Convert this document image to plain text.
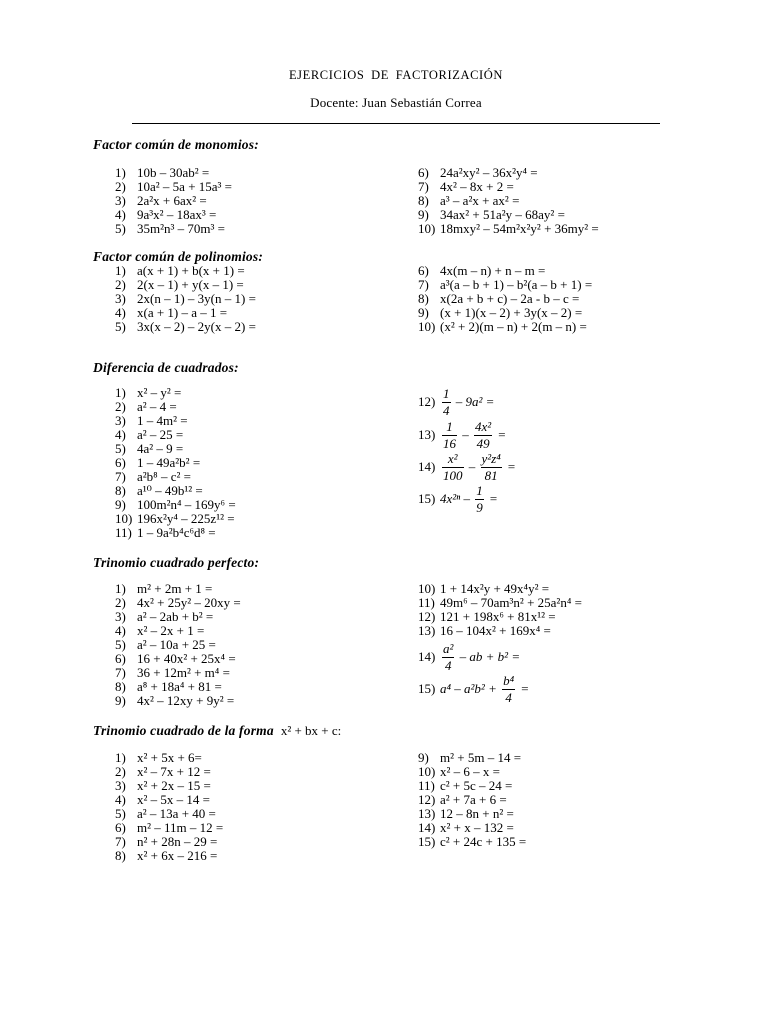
EJERCICIOS DE FACTORIZACIÓN
Docente: Juan Sebastián Correa
Factor común de monomios:
1) 10b – 30ab² =
2) 10a² – 5a + 15a³ =
3) 2a²x + 6ax² =
4) 9a³x² – 18ax³ =
5) 35m²n³ – 70m³ =
6) 24a²xy² – 36x²y⁴ =
7) 4x² – 8x + 2 =
8) a³ – a²x + ax² =
9) 34ax² + 51a²y – 68ay² =
10) 18mxy² – 54m²x²y² + 36my² =
Factor común de polinomios:
1) a(x + 1) + b(x + 1) =
2) 2(x – 1) + y(x – 1) =
3) 2x(n – 1) – 3y(n – 1) =
4) x(a + 1) – a – 1 =
5) 3x(x – 2) – 2y(x – 2) =
6) 4x(m – n) + n – m =
7) a³(a – b + 1) – b²(a – b + 1) =
8) x(2a + b + c) – 2a - b – c =
9) (x + 1)(x – 2) + 3y(x – 2) =
10) (x² + 2)(m – n) + 2(m – n) =
Diferencia de cuadrados:
1) x² – y² =
2) a² – 4 =
3) 1 – 4m² =
4) a² – 25 =
5) 4a² – 9 =
6) 1 – 49a²b² =
7) a²b⁸ – c² =
8) a¹⁰ – 49b¹² =
9) 100m²n⁴ – 169y⁶ =
10) 196x²y⁴ – 225z¹² =
11) 1 – 9a²b⁴c⁶d⁸ =
$12) \frac{1}{4} - 9a^2$ =
$13) \frac{1}{16} - \frac{\text{4x²}}{49}$ =
$14) \frac{\text{x²}}{100} - \frac{\text{y²z⁴}}{81}$ =
15) $4x^{2n} - \frac{1}{9}$ =
Trinomio cuadrado perfecto:
1) m² + 2m + 1 =
2) 4x² + 25y² – 20xy =
3) a² – 2ab + b² =
4) x² – 2x + 1 =
5) a² – 10a + 25 =
6) 16 + 40x² + 25x⁴ =
7) 36 + 12m² + m⁴ =
8) a⁸ + 18a⁴ + 81 =
9) 4x² – 12xy + 9y² =
10) 1 + 14x²y + 49x⁴y² =
11) 49m⁶ – 70am³n² + 25a²n⁴ =
12) 121 + 198x⁶ + 81x¹² =
13) 16 – 104x² + 169x⁴ =
$14) \frac{\text{a²}}{4}$ – ab + b² =
15) $a^4 - a^2b^2 + \frac{\text{b⁴}}{4}$ =
Trinomio cuadrado de la forma x² + bx + c:
1) x² + 5x + 6=
2) x² – 7x + 12 =
3) x² + 2x – 15 =
4) x² – 5x – 14 =
5) a² – 13a + 40 =
6) m² – 11m – 12 =
7) n² + 28n – 29 =
8) x² + 6x – 216 =
9) m² + 5m – 14 =
10) x² – 6 – x =
11) c² + 5c – 24 =
12) a² + 7a + 6 =
13) 12 – 8n + n² =
14) x² + x – 132 =
15) c² + 24c + 135 =
